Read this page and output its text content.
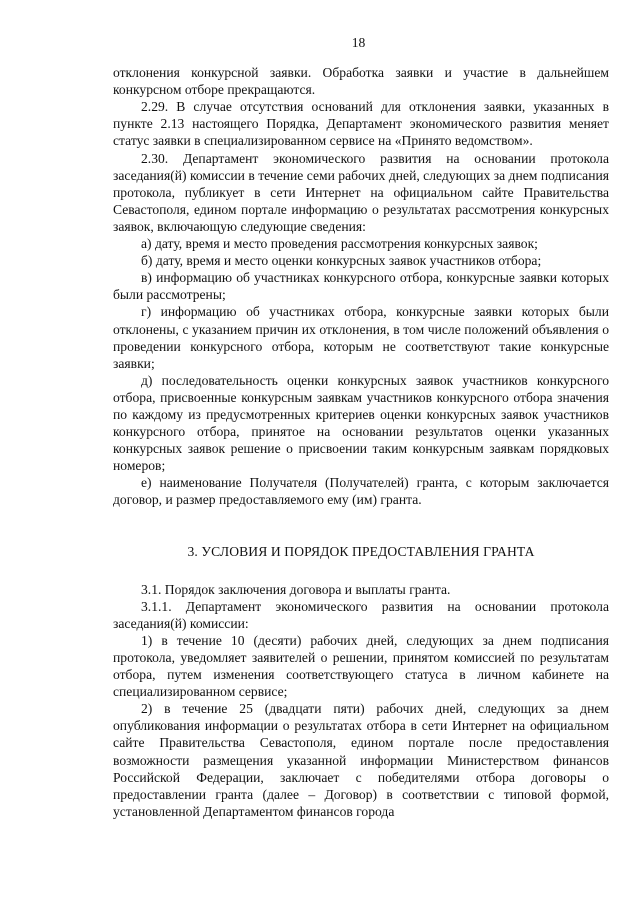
18

отклонения конкурсной заявки. Обработка заявки и участие в дальнейшем конкурсном отборе прекращаются.

2.29. В случае отсутствия оснований для отклонения заявки, указанных в пункте 2.13 настоящего Порядка, Департамент экономического развития меняет статус заявки в специализированном сервисе на «Принято ведомством».

2.30. Департамент экономического развития на основании протокола заседания(й) комиссии в течение семи рабочих дней, следующих за днем подписания протокола, публикует в сети Интернет на официальном сайте Правительства Севастополя, едином портале информацию о результатах рассмотрения конкурсных заявок, включающую следующие сведения:

а) дату, время и место проведения рассмотрения конкурсных заявок;

б) дату, время и место оценки конкурсных заявок участников отбора;

в) информацию об участниках конкурсного отбора, конкурсные заявки которых были рассмотрены;

г) информацию об участниках отбора, конкурсные заявки которых были отклонены, с указанием причин их отклонения, в том числе положений объявления о проведении конкурсного отбора, которым не соответствуют такие конкурсные заявки;

д) последовательность оценки конкурсных заявок участников конкурсного отбора, присвоенные конкурсным заявкам участников конкурсного отбора значения по каждому из предусмотренных критериев оценки конкурсных заявок участников конкурсного отбора, принятое на основании результатов оценки указанных конкурсных заявок решение о присвоении таким конкурсным заявкам порядковых номеров;

е) наименование Получателя (Получателей) гранта, с которым заключается договор, и размер предоставляемого ему (им) гранта.

3. УСЛОВИЯ И ПОРЯДОК ПРЕДОСТАВЛЕНИЯ ГРАНТА

3.1. Порядок заключения договора и выплаты гранта.

3.1.1. Департамент экономического развития на основании протокола заседания(й) комиссии:

1) в течение 10 (десяти) рабочих дней, следующих за днем подписания протокола, уведомляет заявителей о решении, принятом комиссией по результатам отбора, путем изменения соответствующего статуса в личном кабинете на специализированном сервисе;

2) в течение 25 (двадцати пяти) рабочих дней, следующих за днем опубликования информации о результатах отбора в сети Интернет на официальном сайте Правительства Севастополя, едином портале после предоставления возможности размещения указанной информации Министерством финансов Российской Федерации, заключает с победителями отбора договоры о предоставлении гранта (далее – Договор) в соответствии с типовой формой, установленной Департаментом финансов города
